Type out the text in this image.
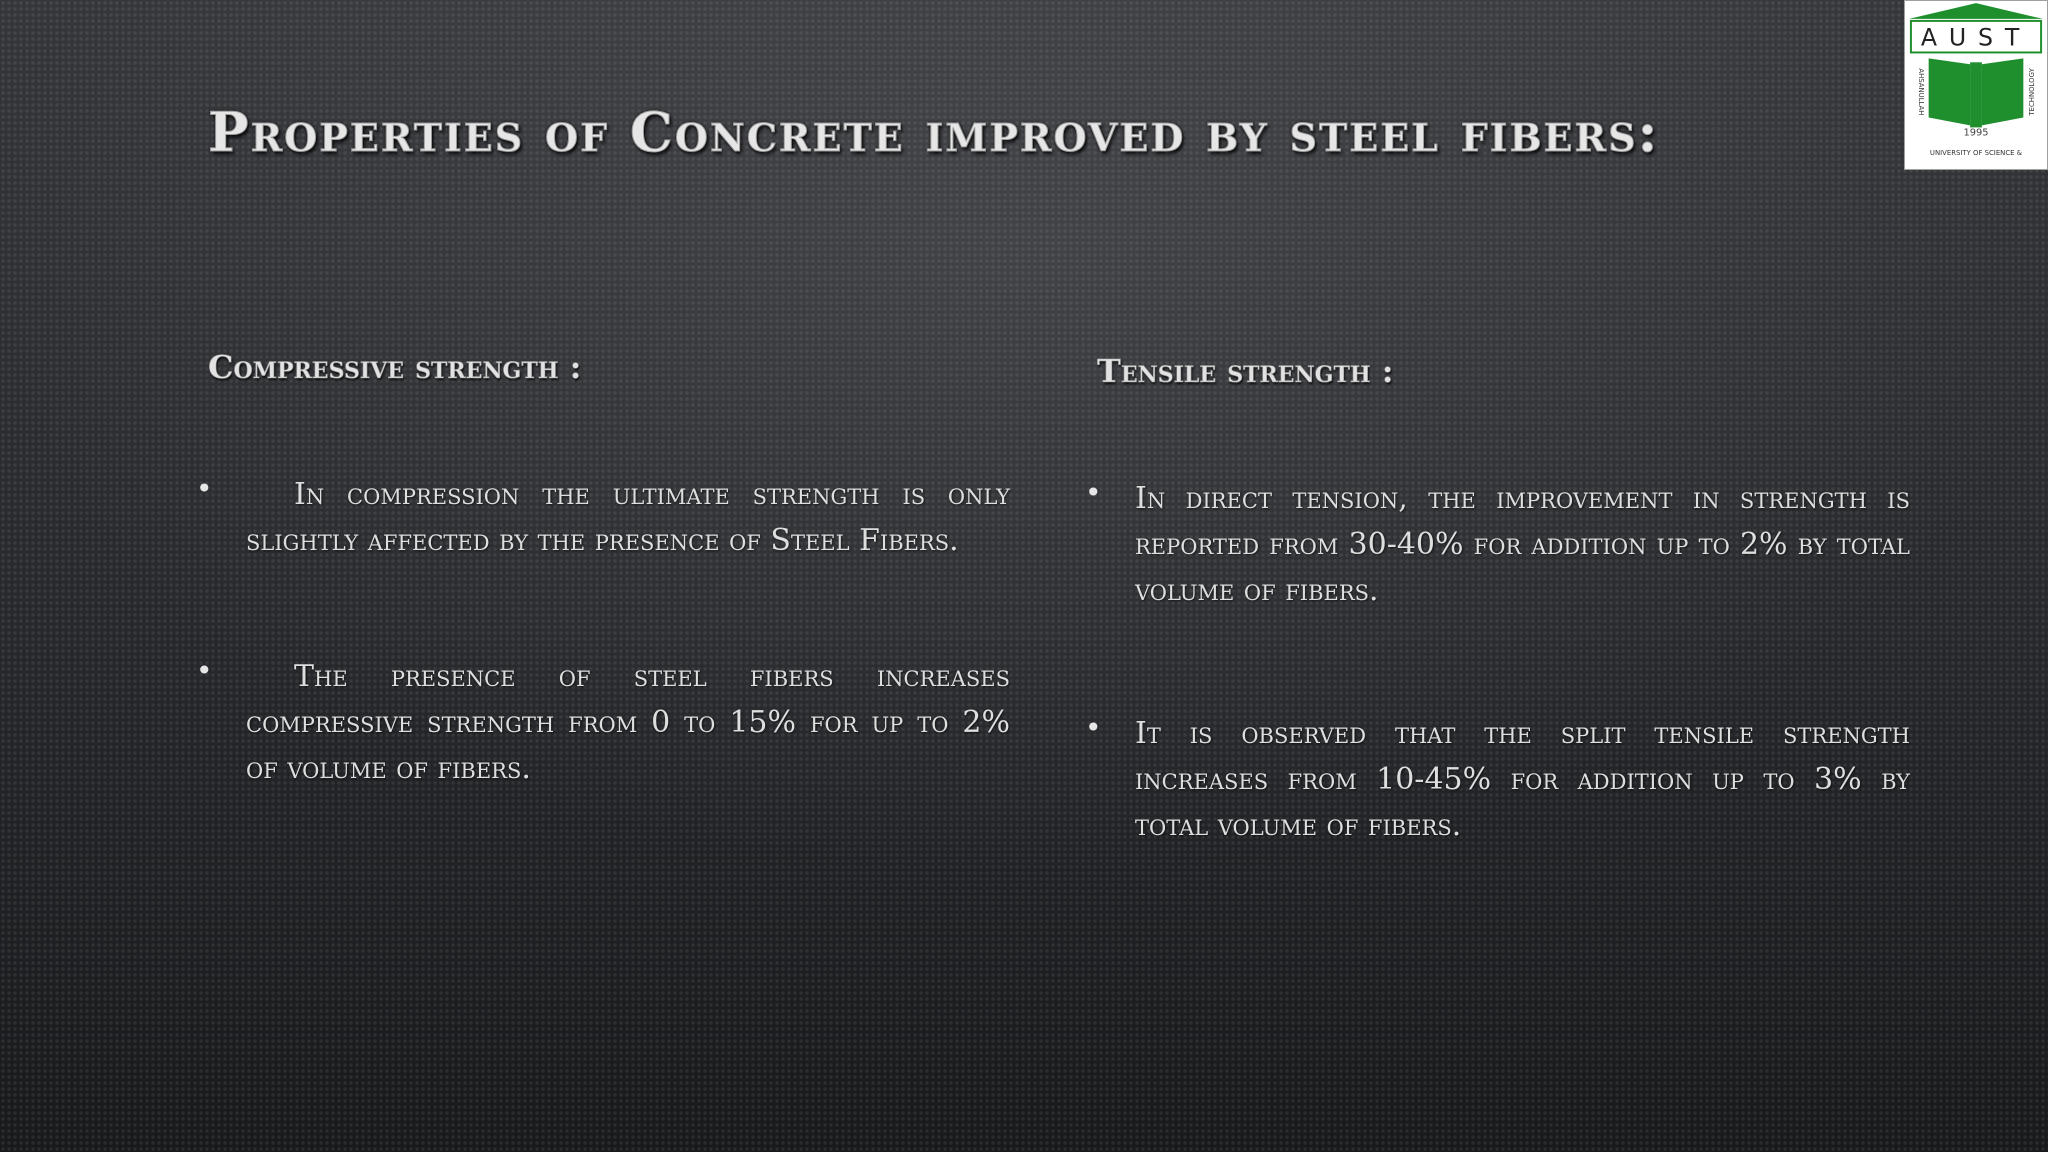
Properties of Concrete improved by steel fibers:
AUST
1995
AHSANULLAH	TECHNOLOGY
UNIVERSITY OF SCIENCE &
Compressive strength :
•	In compression the ultimate strength is only slightly affected by the presence of Steel Fibers.
•	The presence of steel fibers increases compressive strength from 0 to 15% for up to 2% of volume of fibers.
Tensile strength :
• In direct tension, the improvement in strength is reported from 30-40% for addition up to 2% by total volume of fibers.
• It is observed that the split tensile strength increases from 10-45% for addition up to 3% by total volume of fibers.
